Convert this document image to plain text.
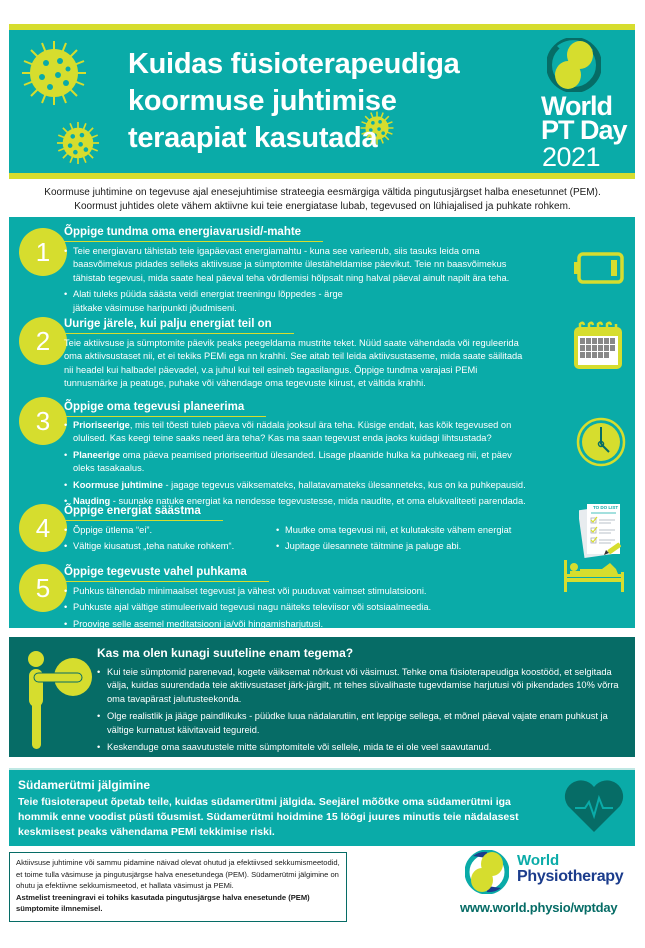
Kuidas füsioterapeudiga
koormuse juhtimise
teraapiat kasutada
World
PT Day
2021
Koormuse juhtimine on tegevuse ajal enesejuhtimise strateegia eesmärgiga vältida pingutusjärgset halba enesetunnet (PEM).
Koormust juhtides olete vähem aktiivne kui teie energiatase lubab, tegevused on lühiajalised ja puhkate rohkem.
1
Õppige tundma oma energiavarusid/-mahte
• Teie energiavaru tähistab teie igapäevast energiamahtu - kuna see varieerub, siis tasuks leida oma baasvõimekus pidades selleks aktiivsuse ja sümptomite ülestäheldamise päevikut. Teie nn baasvõimekus tähistab tegevusi, mida saate heal päeval teha võrdlemisi hõlpsalt ning halval päeval ainult napilt ära teha.
• Alati tuleks püüda säästa veidi energiat treeningu lõppedes - ärge jätkake väsimuse haripunkti jõudmiseni.
2
Uurige järele, kui palju energiat teil on

Teie aktiivsuse ja sümptomite päevik peaks peegeldama mustrite teket. Nüüd saate vähendada või reguleerida oma aktiivsustaset nii, et ei tekiks PEMi ega nn krahhi. See aitab teil leida aktiivsustaseme, mida saate säilitada nii headel kui halbadel päevadel, v.a juhul kui teil esineb tagasilangus. Õppige tundma varajasi PEMi tunnusmärke ja peatuge, puhake või vähendage oma tegevuste kiirust, et vältida krahhi.

3	Õppige oma tegevusi planeerima
• Prioriseerige, mis teil tõesti tuleb päeva või nädala jooksul ära teha. Küsige endalt, kas kõik tegevused on olulised. Kas keegi teine saaks need ära teha? Kas ma saan tegevust enda jaoks kuidagi lihtsustada?
• Planeerige oma päeva peamised prioriseeritud ülesanded. Lisage plaanide hulka ka puhkeaeg nii, et päev oleks tasakaalus.
• Koormuse juhtimine - jagage tegevus väiksemateks, hallatavamateks ülesanneteks, kus on ka puhkepausid.
• Nauding - suunake natuke energiat ka nendesse tegevustesse, mida naudite, et oma elukvaliteeti parendada.
4
Õppige energiat säästma
• Õppige ütlema “ei”.
• Vältige kiusatust „teha natuke rohkem“.
• Muutke oma tegevusi nii, et kulutaksite vähem energiat
• Jupitage ülesannete täitmine ja paluge abi.
TO DO LIST
5
Õppige tegevuste vahel puhkama
• Puhkus tähendab minimaalset tegevust ja vähest või puuduvat vaimset stimulatsiooni.
• Puhkuste ajal vältige stimuleerivaid tegevusi nagu näiteks televiisor või sotsiaalmeedia.
• Proovige selle asemel meditatsiooni ja/või hingamisharjutusi.
Kas ma olen kunagi suuteline enam tegema?
• Kui teie sümptomid parenevad, kogete väiksemat nõrkust või väsimust. Tehke oma füsioterapeudiga koostööd, et selgitada välja, kuidas suurendada teie aktiivsustaset järk-järgilt, nt tehes süvalihaste tugevdamise harjutusi või pikendades 10% võrra oma tavapärast jalutusteekonda.
• Olge realistlik ja jääge paindlikuks - püüdke luua nädalarutiin, ent leppige sellega, et mõnel päeval vajate enam puhkust ja vältige kurnatust käivitavaid tegureid.
• Keskenduge oma saavutustele mitte sümptomitele või sellele, mida te ei ole veel saavutanud.
Südamerütmi jälgimine
Teie füsioterapeut õpetab teile, kuidas südamerütmi jälgida. Seejärel mõõtke oma südamerütmi iga hommik enne voodist püsti tõusmist. Südamerütmi hoidmine 15 löögi juures minutis teie nädalasest keskmisest peaks vähendama PEMi tekkimise riski.
Aktiivsuse juhtimine või sammu pidamine näivad olevat ohutud ja efektiivsed sekkumismeetodid, et toime tulla väsimuse ja pingutusjärgse halva enesetundega (PEM). Südamerütmi jälgimine on ohutu ja efektiivne sekkumismeetod, et hallata väsimust ja PEMi.
Astmelist treeningravi ei tohiks kasutada pingutusjärgse halva enesetunde (PEM) sümptomite ilmnemisel.
World
Physiotherapy
www.world.physio/wptday
